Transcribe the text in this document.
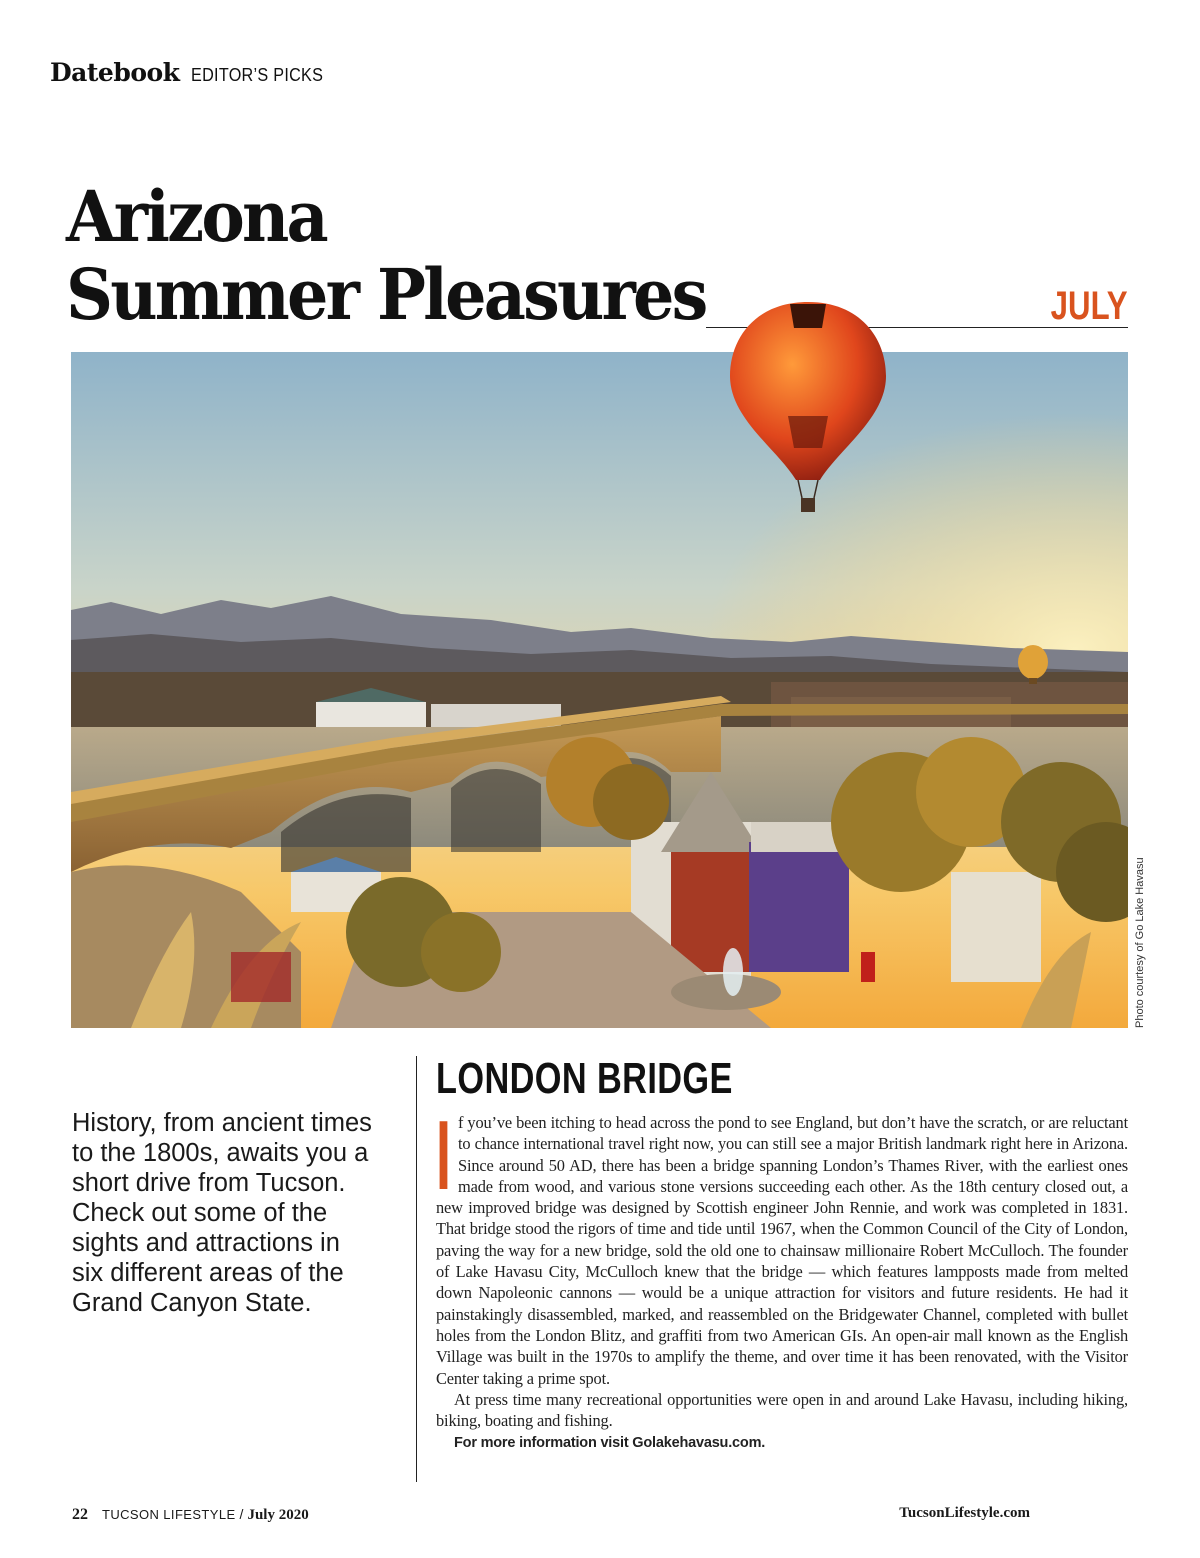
Datebook EDITOR’S PICKS
Arizona
Summer Pleasures	JULY
Photo courtesy of Go Lake Havasu

History, from ancient times to the 1800s, awaits you a short drive from Tucson. Check out some of the sights and attractions in six different areas of the Grand Canyon State.

LONDON BRIDGE

If you’ve been itching to head across the pond to see England, but don’t have the scratch, or are reluctant to chance international travel right now, you can still see a major British landmark right here in Arizona. Since around 50 AD, there has been a bridge spanning London’s Thames River, with the earliest ones made from wood, and various stone versions succeeding each other. As the 18th century closed out, a new improved bridge was designed by Scottish engineer John Rennie, and work was completed in 1831. That bridge stood the rigors of time and tide until 1967, when the Common Council of the City of London, paving the way for a new bridge, sold the old one to chainsaw millionaire Robert McCulloch. The founder of Lake Havasu City, McCulloch knew that the bridge — which features lampposts made from melted down Napoleonic cannons — would be a unique attraction for visitors and future residents. He had it painstakingly disassembled, marked, and reassembled on the Bridgewater Channel, completed with bullet holes from the London Blitz, and graffiti from two American GIs. An open-air mall known as the English Village was built in the 1970s to amplify the theme, and over time it has been renovated, with the Visitor Center taking a prime spot.

At press time many recreational opportunities were open in and around Lake Havasu, including hiking, biking, boating and fishing.

For more information visit Golakehavasu.com.

22 TUCSON LIFESTYLE / July 2020	TucsonLifestyle.com
